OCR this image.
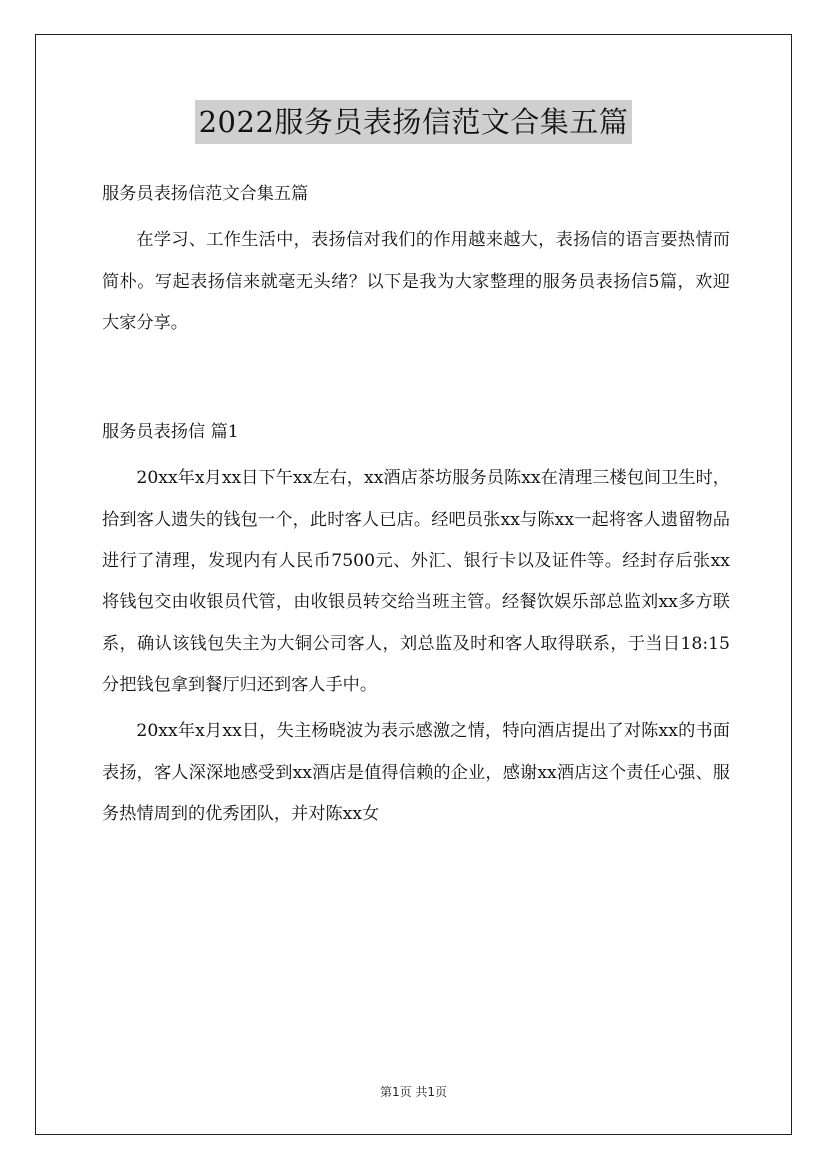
2022服务员表扬信范文合集五篇

服务员表扬信范文合集五篇

在学习、工作生活中，表扬信对我们的作用越来越大，表扬信的语言要热情而简朴。写起表扬信来就毫无头绪？以下是我为大家整理的服务员表扬信5篇，欢迎大家分享。

服务员表扬信 篇1

20xx年x月xx日下午xx左右，xx酒店茶坊服务员陈xx在清理三楼包间卫生时，拾到客人遗失的钱包一个，此时客人已店。经吧员张xx与陈xx一起将客人遗留物品进行了清理，发现内有人民币7500元、外汇、银行卡以及证件等。经封存后张xx将钱包交由收银员代管，由收银员转交给当班主管。经餐饮娱乐部总监刘xx多方联系，确认该钱包失主为大铜公司客人，刘总监及时和客人取得联系，于当日18:15分把钱包拿到餐厅归还到客人手中。

20xx年x月xx日，失主杨晓波为表示感激之情，特向酒店提出了对陈xx的书面表扬，客人深深地感受到xx酒店是值得信赖的企业，感谢xx酒店这个责任心强、服务热情周到的优秀团队，并对陈xx女

第1页 共1页
